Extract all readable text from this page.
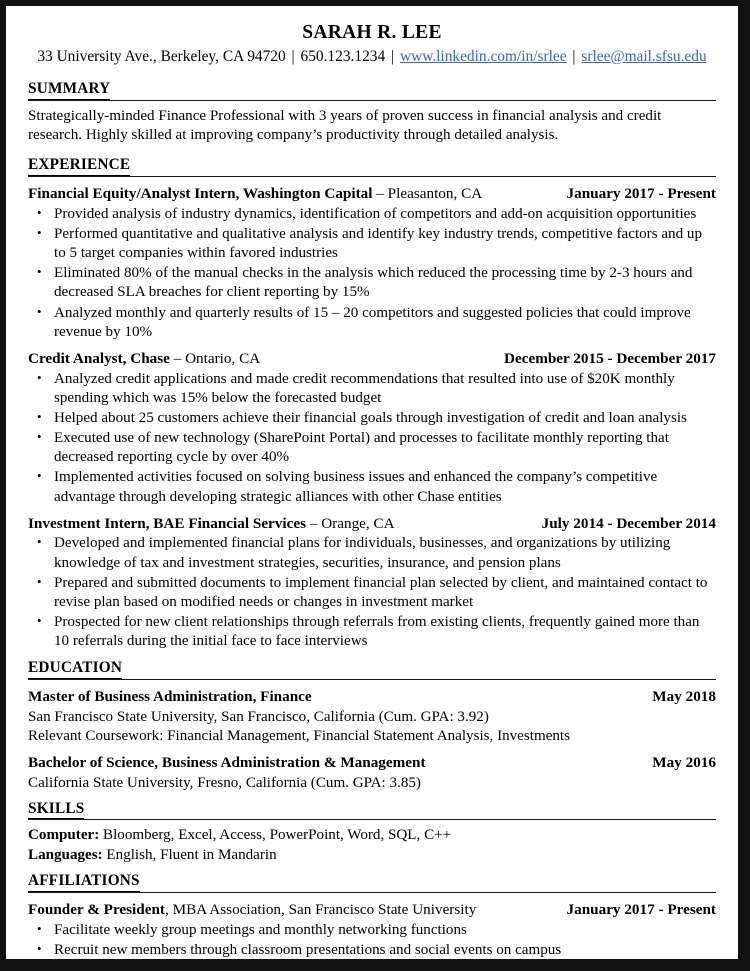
SARAH R. LEE
33 University Ave., Berkeley, CA 94720 | 650.123.1234 | www.linkedin.com/in/srlee | srlee@mail.sfsu.edu
SUMMARY
Strategically-minded Finance Professional with 3 years of proven success in financial analysis and credit research. Highly skilled at improving company’s productivity through detailed analysis.
EXPERIENCE
Financial Equity/Analyst Intern, Washington Capital – Pleasanton, CA	January 2017 - Present
• Provided analysis of industry dynamics, identification of competitors and add-on acquisition opportunities
• Performed quantitative and qualitative analysis and identify key industry trends, competitive factors and up to 5 target companies within favored industries
• Eliminated 80% of the manual checks in the analysis which reduced the processing time by 2-3 hours and decreased SLA breaches for client reporting by 15%
• Analyzed monthly and quarterly results of 15 – 20 competitors and suggested policies that could improve revenue by 10%
Credit Analyst, Chase – Ontario, CA	December 2015 - December 2017
• Analyzed credit applications and made credit recommendations that resulted into use of $20K monthly spending which was 15% below the forecasted budget
• Helped about 25 customers achieve their financial goals through investigation of credit and loan analysis
• Executed use of new technology (SharePoint Portal) and processes to facilitate monthly reporting that decreased reporting cycle by over 40%
• Implemented activities focused on solving business issues and enhanced the company’s competitive advantage through developing strategic alliances with other Chase entities
Investment Intern, BAE Financial Services – Orange, CA	July 2014 - December 2014
• Developed and implemented financial plans for individuals, businesses, and organizations by utilizing knowledge of tax and investment strategies, securities, insurance, and pension plans
• Prepared and submitted documents to implement financial plan selected by client, and maintained contact to revise plan based on modified needs or changes in investment market
• Prospected for new client relationships through referrals from existing clients, frequently gained more than 10 referrals during the initial face to face interviews
EDUCATION
Master of Business Administration, Finance	May 2018
San Francisco State University, San Francisco, California (Cum. GPA: 3.92)
Relevant Coursework: Financial Management, Financial Statement Analysis, Investments
Bachelor of Science, Business Administration & Management	May 2016
California State University, Fresno, California (Cum. GPA: 3.85)
SKILLS
Computer: Bloomberg, Excel, Access, PowerPoint, Word, SQL, C++
Languages: English, Fluent in Mandarin
AFFILIATIONS
Founder & President, MBA Association, San Francisco State University	January 2017 - Present
• Facilitate weekly group meetings and monthly networking functions
• Recruit new members through classroom presentations and social events on campus
